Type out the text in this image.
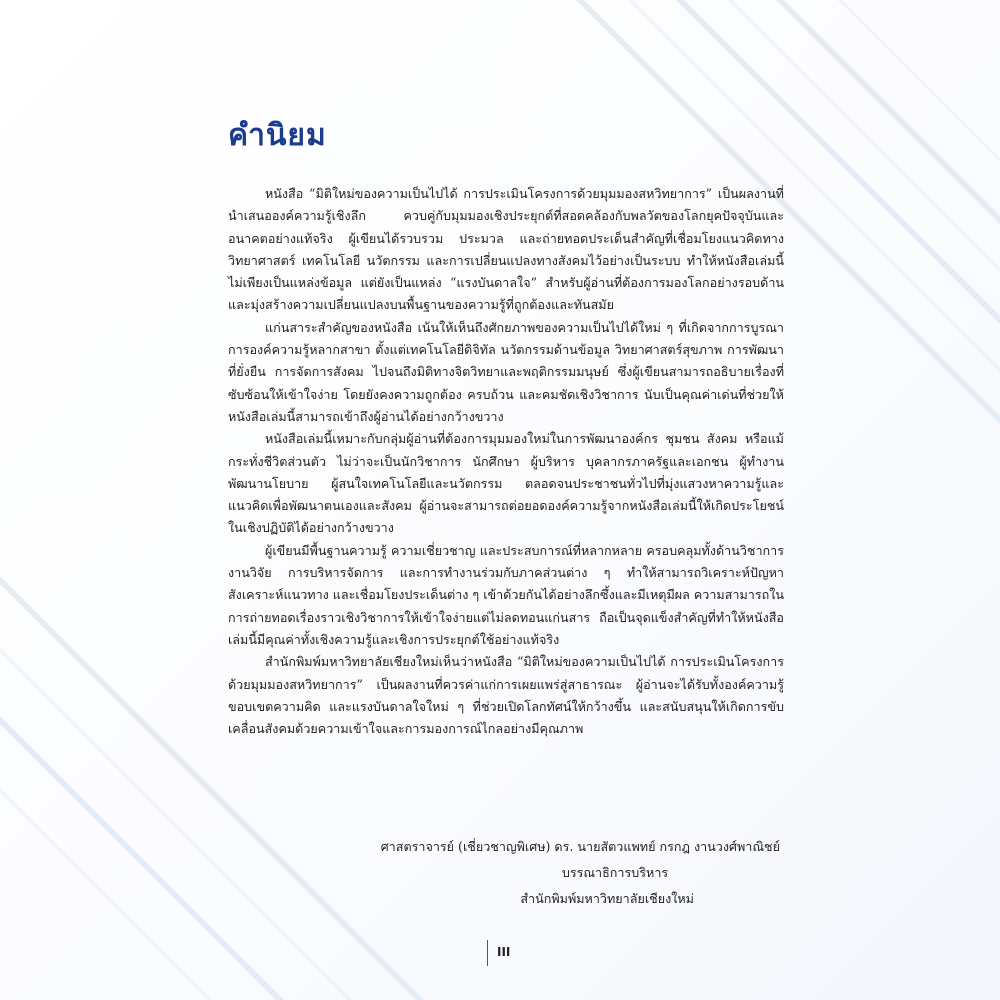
คำนิยม

หนังสือ “มิติใหม่ของความเป็นไปได้ การประเมินโครงการด้วยมุมมองสหวิทยาการ” เป็นผลงานที่นำเสนอองค์ความรู้เชิงลึก ควบคู่กับมุมมองเชิงประยุกต์ที่สอดคล้องกับพลวัตของโลกยุคปัจจุบันและอนาคตอย่างแท้จริง ผู้เขียนได้รวบรวม ประมวล และถ่ายทอดประเด็นสำคัญที่เชื่อมโยงแนวคิดทางวิทยาศาสตร์ เทคโนโลยี นวัตกรรม และการเปลี่ยนแปลงทางสังคมไว้อย่างเป็นระบบ ทำให้หนังสือเล่มนี้ไม่เพียงเป็นแหล่งข้อมูล แต่ยังเป็นแหล่ง “แรงบันดาลใจ” สำหรับผู้อ่านที่ต้องการมองโลกอย่างรอบด้านและมุ่งสร้างความเปลี่ยนแปลงบนพื้นฐานของความรู้ที่ถูกต้องและทันสมัย

แก่นสาระสำคัญของหนังสือ เน้นให้เห็นถึงศักยภาพของความเป็นไปได้ใหม่ ๆ ที่เกิดจากการบูรณาการองค์ความรู้หลากสาขา ตั้งแต่เทคโนโลยีดิจิทัล นวัตกรรมด้านข้อมูล วิทยาศาสตร์สุขภาพ การพัฒนาที่ยั่งยืน การจัดการสังคม ไปจนถึงมิติทางจิตวิทยาและพฤติกรรมมนุษย์ ซึ่งผู้เขียนสามารถอธิบายเรื่องที่ซับซ้อนให้เข้าใจง่าย โดยยังคงความถูกต้อง ครบถ้วน และคมชัดเชิงวิชาการ นับเป็นคุณค่าเด่นที่ช่วยให้หนังสือเล่มนี้สามารถเข้าถึงผู้อ่านได้อย่างกว้างขวาง

หนังสือเล่มนี้เหมาะกับกลุ่มผู้อ่านที่ต้องการมุมมองใหม่ในการพัฒนาองค์กร ชุมชน สังคม หรือแม้กระทั่งชีวิตส่วนตัว ไม่ว่าจะเป็นนักวิชาการ นักศึกษา ผู้บริหาร บุคลากรภาครัฐและเอกชน ผู้ทำงานพัฒนานโยบาย ผู้สนใจเทคโนโลยีและนวัตกรรม ตลอดจนประชาชนทั่วไปที่มุ่งแสวงหาความรู้และแนวคิดเพื่อพัฒนาตนเองและสังคม ผู้อ่านจะสามารถต่อยอดองค์ความรู้จากหนังสือเล่มนี้ให้เกิดประโยชน์ในเชิงปฏิบัติได้อย่างกว้างขวาง

ผู้เขียนมีพื้นฐานความรู้ ความเชี่ยวชาญ และประสบการณ์ที่หลากหลาย ครอบคลุมทั้งด้านวิชาการ งานวิจัย การบริหารจัดการ และการทำงานร่วมกับภาคส่วนต่าง ๆ ทำให้สามารถวิเคราะห์ปัญหา สังเคราะห์แนวทาง และเชื่อมโยงประเด็นต่าง ๆ เข้าด้วยกันได้อย่างลึกซึ้งและมีเหตุมีผล ความสามารถในการถ่ายทอดเรื่องราวเชิงวิชาการให้เข้าใจง่ายแต่ไม่ลดทอนแก่นสาร ถือเป็นจุดแข็งสำคัญที่ทำให้หนังสือเล่มนี้มีคุณค่าทั้งเชิงความรู้และเชิงการประยุกต์ใช้อย่างแท้จริง

สำนักพิมพ์มหาวิทยาลัยเชียงใหม่เห็นว่าหนังสือ “มิติใหม่ของความเป็นไปได้ การประเมินโครงการด้วยมุมมองสหวิทยาการ” เป็นผลงานที่ควรค่าแก่การเผยแพร่สู่สาธารณะ ผู้อ่านจะได้รับทั้งองค์ความรู้ ขอบเขตความคิด และแรงบันดาลใจใหม่ ๆ ที่ช่วยเปิดโลกทัศน์ให้กว้างขึ้น และสนับสนุนให้เกิดการขับเคลื่อนสังคมด้วยความเข้าใจและการมองการณ์ไกลอย่างมีคุณภาพ

ศาสตราจารย์ (เชี่ยวชาญพิเศษ) ดร. นายสัตวแพทย์ กรกฎ งานวงศ์พาณิชย์
บรรณาธิการบริหาร
สำนักพิมพ์มหาวิทยาลัยเชียงใหม่
III
